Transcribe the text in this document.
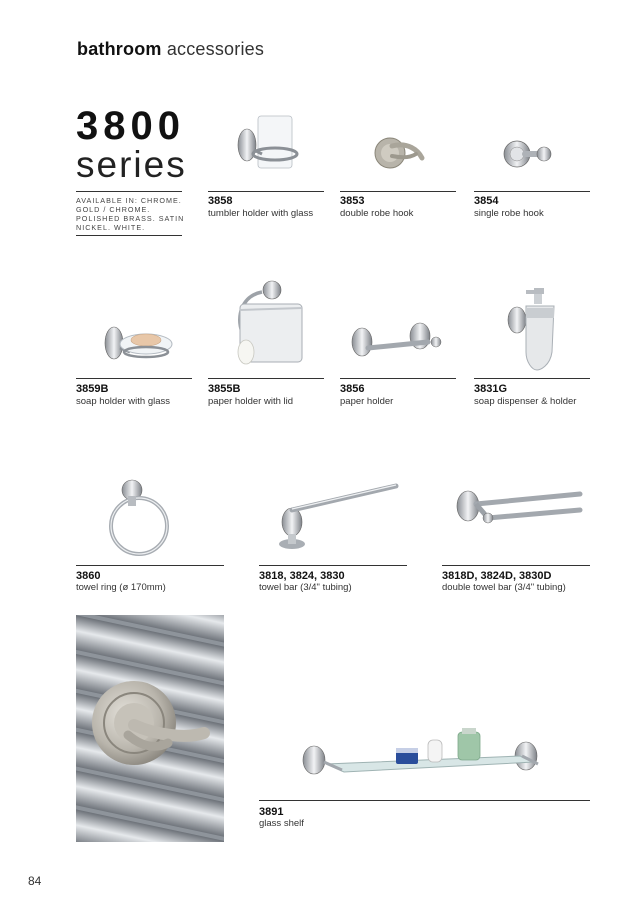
bathroom accessories
3800
series
AVAILABLE IN: CHROME. GOLD / CHROME. POLISHED BRASS. SATIN NICKEL. WHITE.
3858
tumbler holder with glass
3853
double robe hook
3854
single robe hook
3859B
soap holder with glass
3855B
paper holder with lid
3856
paper holder
3831G
soap dispenser & holder
3860
towel ring (ø 170mm)
3818, 3824, 3830
towel bar (3/4" tubing)
3818D, 3824D, 3830D
double towel bar (3/4" tubing)
3891
glass shelf
84
